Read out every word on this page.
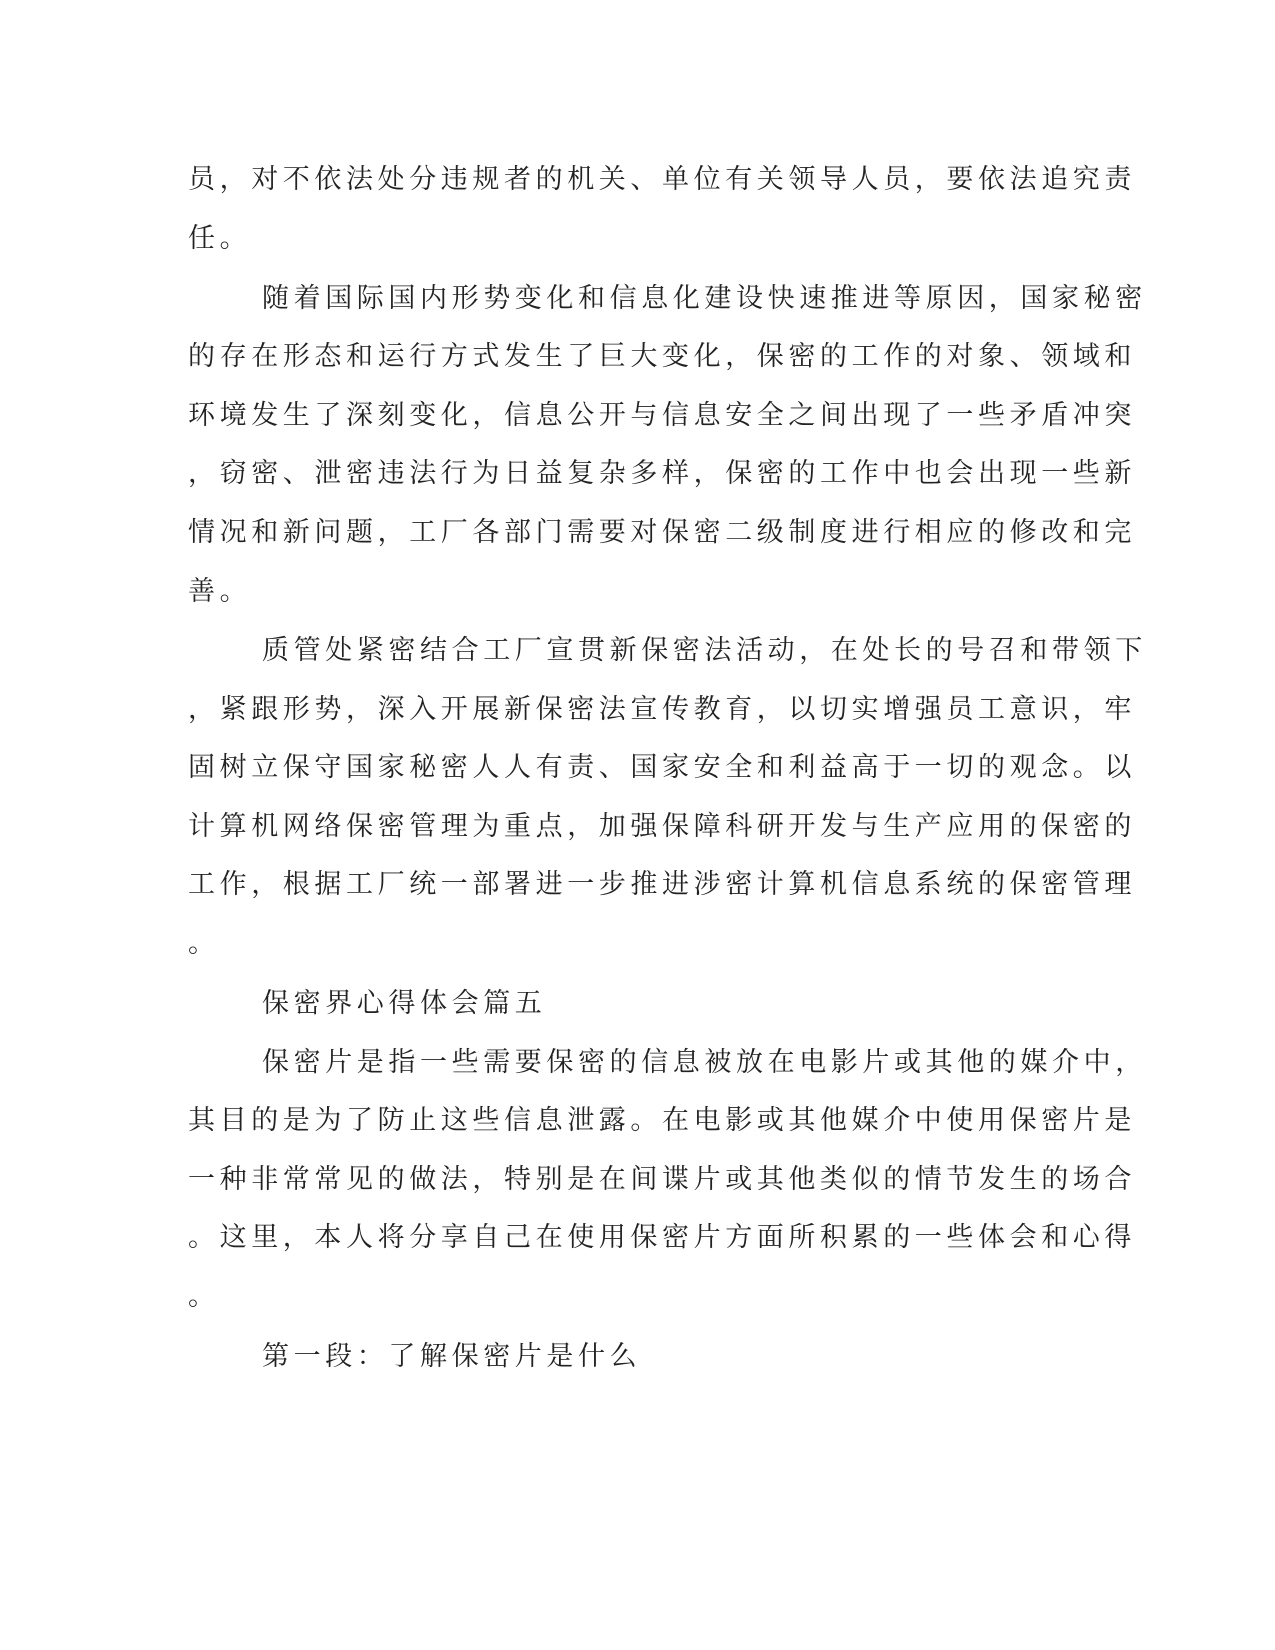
员，对不依法处分违规者的机关、单位有关领导人员，要依法追究责
任。
随着国际国内形势变化和信息化建设快速推进等原因，国家秘密
的存在形态和运行方式发生了巨大变化，保密的工作的对象、领域和
环境发生了深刻变化，信息公开与信息安全之间出现了一些矛盾冲突
，窃密、泄密违法行为日益复杂多样，保密的工作中也会出现一些新
情况和新问题，工厂各部门需要对保密二级制度进行相应的修改和完
善。
质管处紧密结合工厂宣贯新保密法活动，在处长的号召和带领下
，紧跟形势，深入开展新保密法宣传教育，以切实增强员工意识，牢
固树立保守国家秘密人人有责、国家安全和利益高于一切的观念。以
计算机网络保密管理为重点，加强保障科研开发与生产应用的保密的
工作，根据工厂统一部署进一步推进涉密计算机信息系统的保密管理
。
保密界心得体会篇五
保密片是指一些需要保密的信息被放在电影片或其他的媒介中，
其目的是为了防止这些信息泄露。在电影或其他媒介中使用保密片是
一种非常常见的做法，特别是在间谍片或其他类似的情节发生的场合
。这里，本人将分享自己在使用保密片方面所积累的一些体会和心得
。
第一段：了解保密片是什么
